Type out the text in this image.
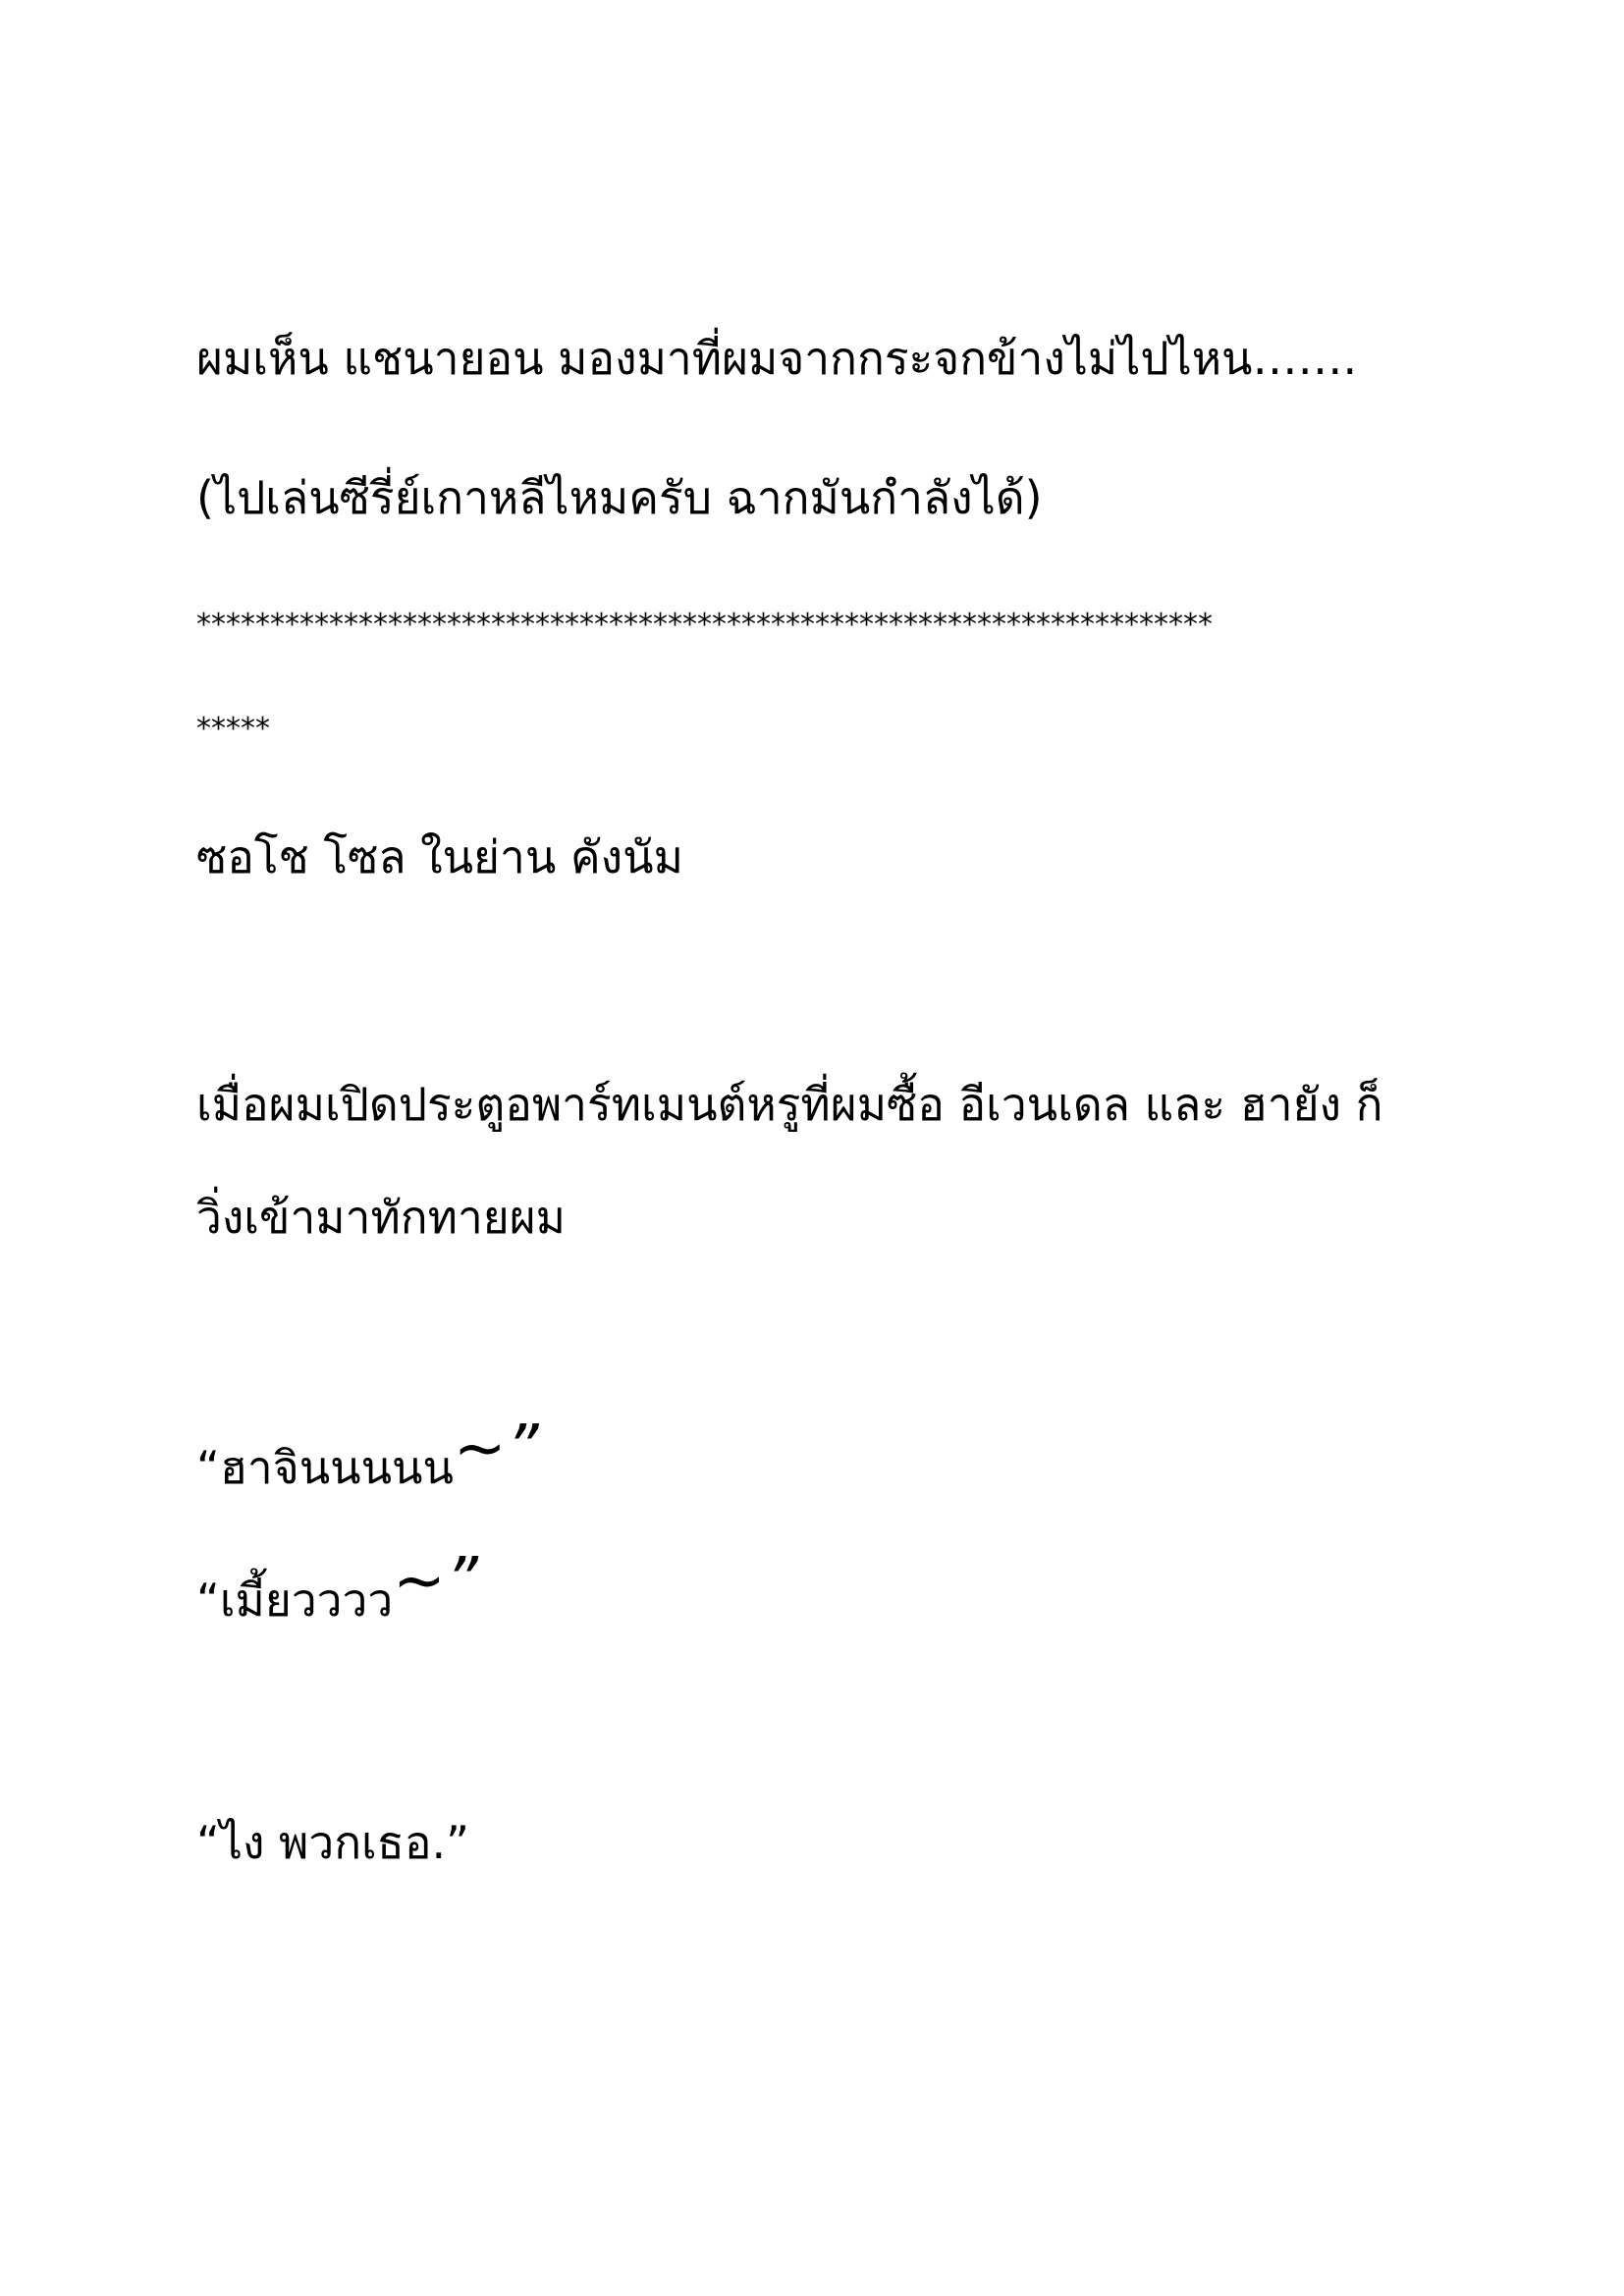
ผมเห็น แชนายอน มองมาที่ผมจากกระจกข้างไม่ไปไหน…….

(ไปเล่นซีรี่ย์เกาหลีไหมครับ ฉากมันกำลังได้)

*********************************************************************

*****

ซอโช โซล ในย่าน คังนัม

เมื่อผมเปิดประตูอพาร์ทเมนต์หรูที่ผมซื้อ อีเวนเดล และ ฮายัง ก็

วิ่งเข้ามาทักทายผม

“ฮาจินนนนน~”

“เมี้ยวววว~”

“ไง พวกเธอ.”
